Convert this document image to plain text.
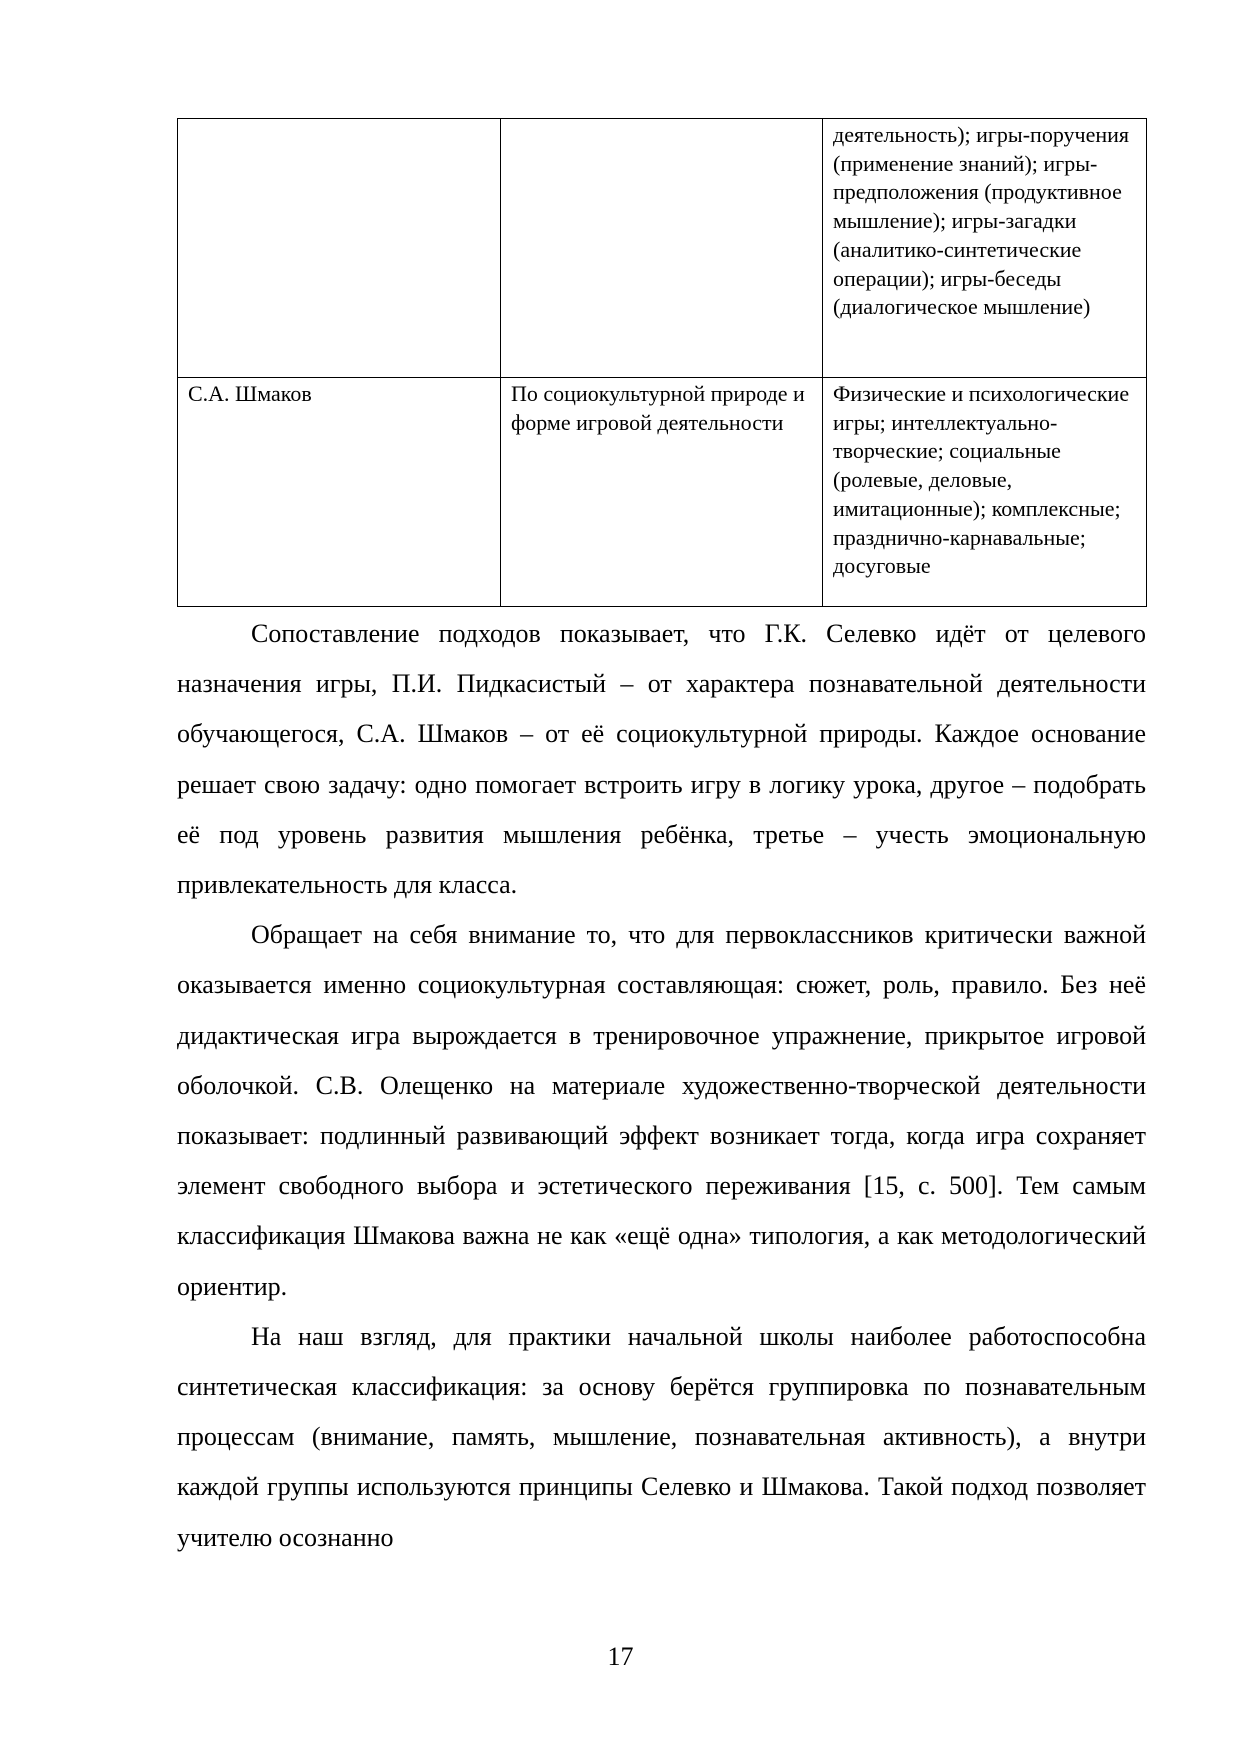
		деятельность); игры-поручения (применение знаний); игры-предположения (продуктивное мышление); игры-загадки (аналитико-синтетические операции); игры-беседы (диалогическое мышление)
С.А. Шмаков	По социокультурной природе и форме игровой деятельности	Физические и психологические игры; интеллектуально-творческие; социальные (ролевые, деловые, имитационные); комплексные; празднично-карнавальные; досуговые

Сопоставление подходов показывает, что Г.К. Селевко идёт от целевого назначения игры, П.И. Пидкасистый – от характера познавательной деятельности обучающегося, С.А. Шмаков – от её социокультурной природы. Каждое основание решает свою задачу: одно помогает встроить игру в логику урока, другое – подобрать её под уровень развития мышления ребёнка, третье – учесть эмоциональную привлекательность для класса.

Обращает на себя внимание то, что для первоклассников критически важной оказывается именно социокультурная составляющая: сюжет, роль, правило. Без неё дидактическая игра вырождается в тренировочное упражнение, прикрытое игровой оболочкой. С.В. Олещенко на материале художественно-творческой деятельности показывает: подлинный развивающий эффект возникает тогда, когда игра сохраняет элемент свободного выбора и эстетического переживания [15, с. 500]. Тем самым классификация Шмакова важна не как «ещё одна» типология, а как методологический ориентир.

На наш взгляд, для практики начальной школы наиболее работоспособна синтетическая классификация: за основу берётся группировка по познавательным процессам (внимание, память, мышление, познавательная активность), а внутри каждой группы используются принципы Селевко и Шмакова. Такой подход позволяет учителю осознанно

17
